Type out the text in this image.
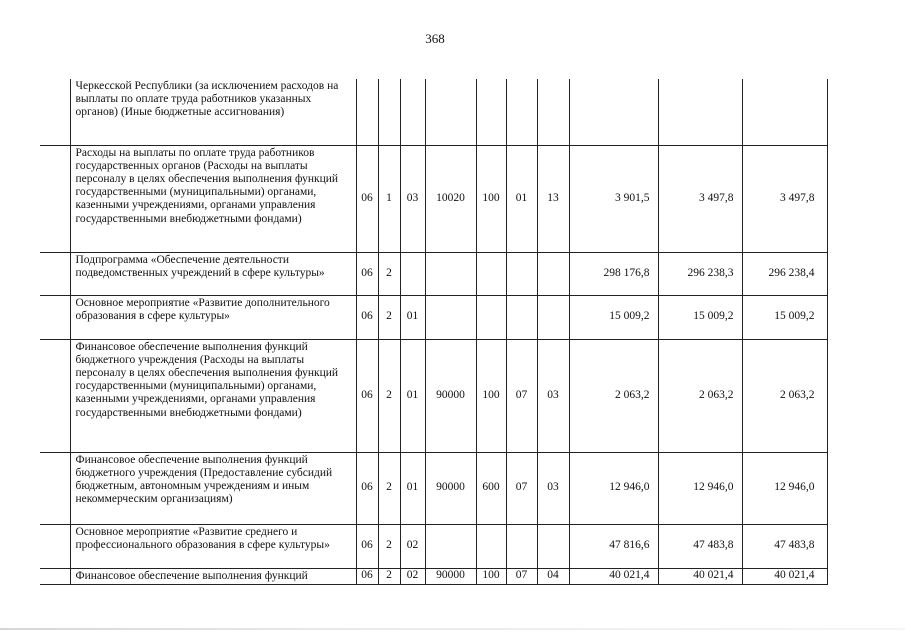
368
	Черкесской Республики (за исключением расходов на выплаты по оплате труда работников указанных органов) (Иные бюджетные ассигнования)										
	Расходы на выплаты по оплате труда работников государственных органов (Расходы на выплаты персоналу в целях обеспечения выполнения функций государственными (муниципальными) органами, казенными учреждениями, органами управления государственными внебюджетными фондами)	06	1	03	10020	100	01	13	3 901,5	3 497,8	3 497,8
	Подпрограмма «Обеспечение деятельности подведомственных учреждений в сфере культуры»	06	2						298 176,8	296 238,3	296 238,4
	Основное мероприятие «Развитие дополнительного образования в сфере культуры»	06	2	01					15 009,2	15 009,2	15 009,2
	Финансовое обеспечение выполнения функций бюджетного учреждения (Расходы на выплаты персоналу в целях обеспечения выполнения функций государственными (муниципальными) органами, казенными учреждениями, органами управления государственными внебюджетными фондами)	06	2	01	90000	100	07	03	2 063,2	2 063,2	2 063,2
	Финансовое обеспечение выполнения функций бюджетного учреждения (Предоставление субсидий бюджетным, автономным учреждениям и иным некоммерческим организациям)	06	2	01	90000	600	07	03	12 946,0	12 946,0	12 946,0
	Основное мероприятие «Развитие среднего и профессионального образования в сфере культуры»	06	2	02					47 816,6	47 483,8	47 483,8
	Финансовое обеспечение выполнения функций	06	2	02	90000	100	07	04	40 021,4	40 021,4	40 021,4
